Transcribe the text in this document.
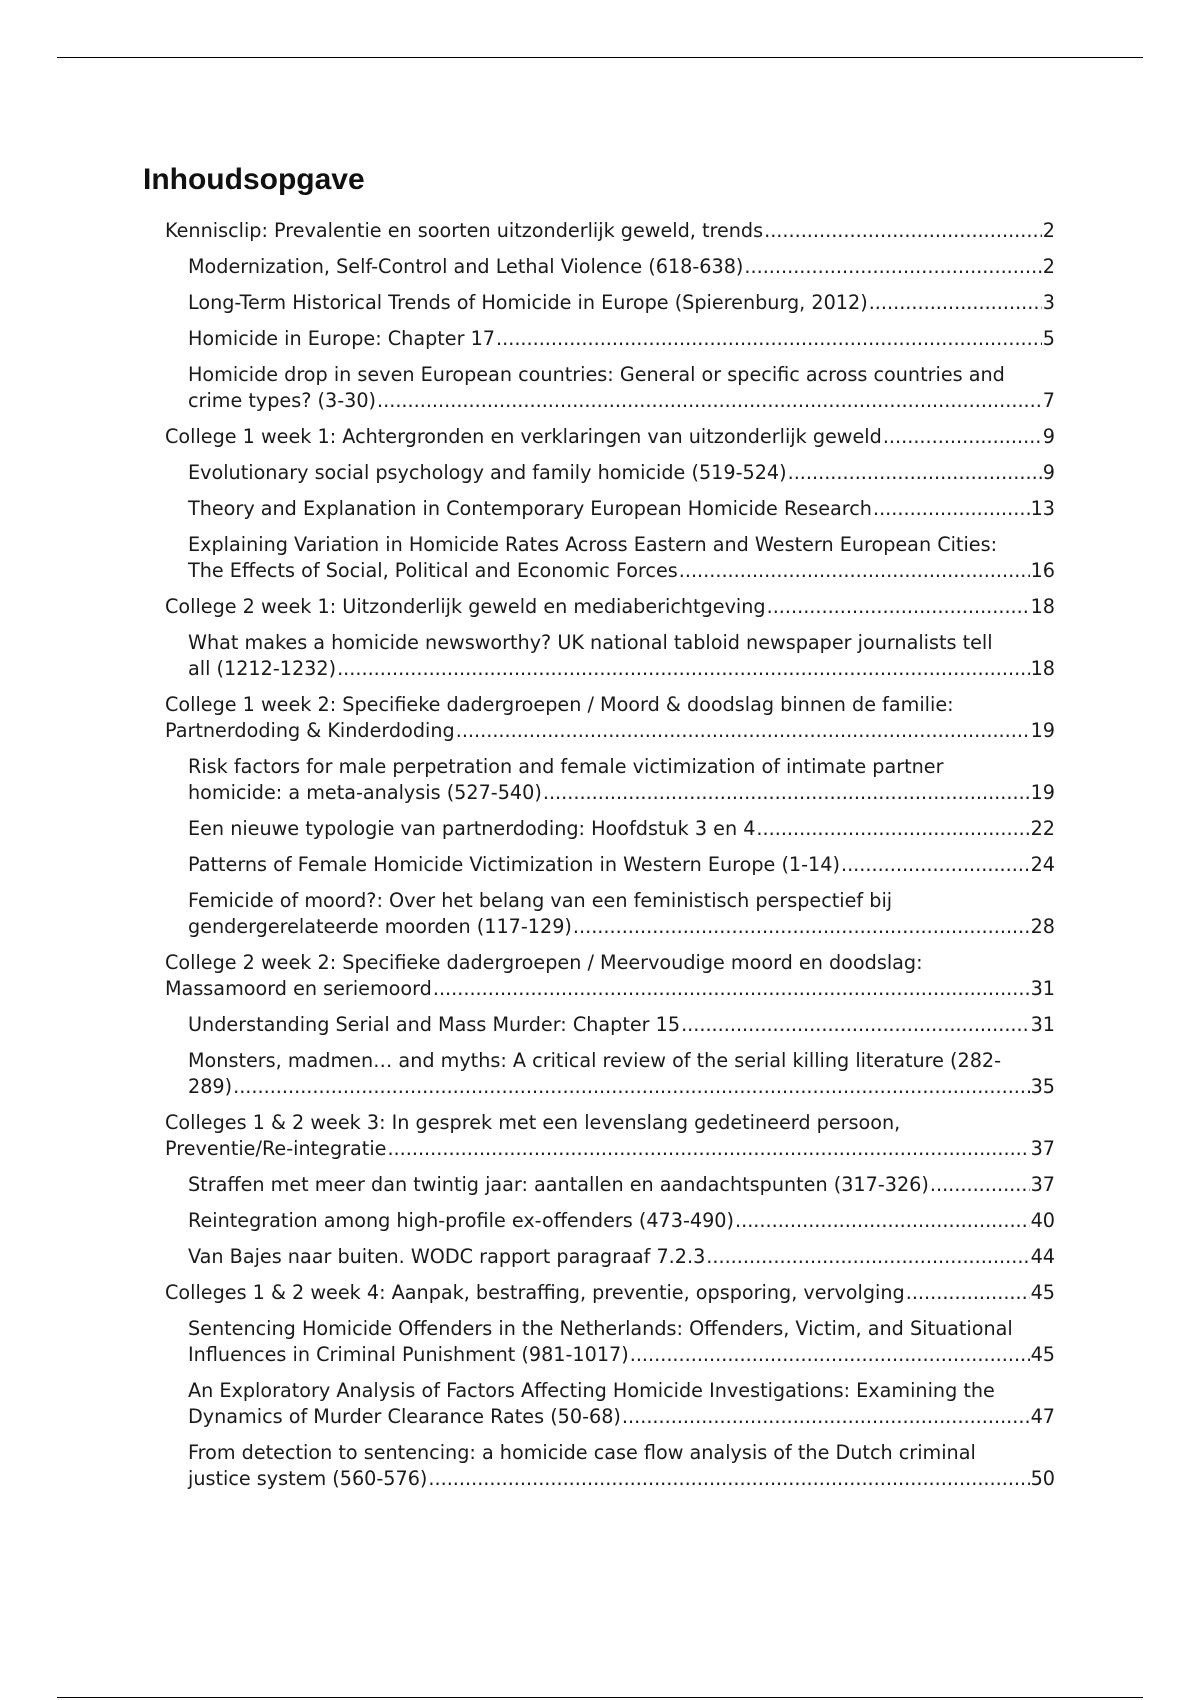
Inhoudsopgave
Kennisclip: Prevalentie en soorten uitzonderlijk geweld, trends .....	2
Modernization, Self-Control and Lethal Violence (618-638) .....	2
Long-Term Historical Trends of Homicide in Europe (Spierenburg, 2012) .....	3
Homicide in Europe: Chapter 17 .....	5
Homicide drop in seven European countries: General or specific across countries and
crime types? (3-30) .....	7
College 1 week 1: Achtergronden en verklaringen van uitzonderlijk geweld .....	9
Evolutionary social psychology and family homicide (519-524) .....	9
Theory and Explanation in Contemporary European Homicide Research .....	13
Explaining Variation in Homicide Rates Across Eastern and Western European Cities:
The Effects of Social, Political and Economic Forces .....	16
College 2 week 1: Uitzonderlijk geweld en mediaberichtgeving .....	18
What makes a homicide newsworthy? UK national tabloid newspaper journalists tell
all (1212-1232) .....	18
College 1 week 2: Specifieke dadergroepen / Moord & doodslag binnen de familie:
Partnerdoding & Kinderdoding .....	19
Risk factors for male perpetration and female victimization of intimate partner
homicide: a meta-analysis (527-540) .....	19
Een nieuwe typologie van partnerdoding: Hoofdstuk 3 en 4 .....	22
Patterns of Female Homicide Victimization in Western Europe (1-14) .....	24
Femicide of moord?: Over het belang van een feministisch perspectief bij
gendergerelateerde moorden (117-129) .....	28
College 2 week 2: Specifieke dadergroepen / Meervoudige moord en doodslag:
Massamoord en seriemoord .....	31
Understanding Serial and Mass Murder: Chapter 15 .....	31
Monsters, madmen… and myths: A critical review of the serial killing literature (282-
289) .....	35
Colleges 1 & 2 week 3: In gesprek met een levenslang gedetineerd persoon,
Preventie/Re-integratie .....	37
Straffen met meer dan twintig jaar: aantallen en aandachtspunten (317-326) .....	37
Reintegration among high-profile ex-offenders (473-490) .....	40
Van Bajes naar buiten. WODC rapport paragraaf 7.2.3 .....	44
Colleges 1 & 2 week 4: Aanpak, bestraffing, preventie, opsporing, vervolging .....	45
Sentencing Homicide Offenders in the Netherlands: Offenders, Victim, and Situational
Influences in Criminal Punishment (981-1017) .....	45
An Exploratory Analysis of Factors Affecting Homicide Investigations: Examining the
Dynamics of Murder Clearance Rates (50-68) .....	47
From detection to sentencing: a homicide case flow analysis of the Dutch criminal
justice system (560-576) .....	50
